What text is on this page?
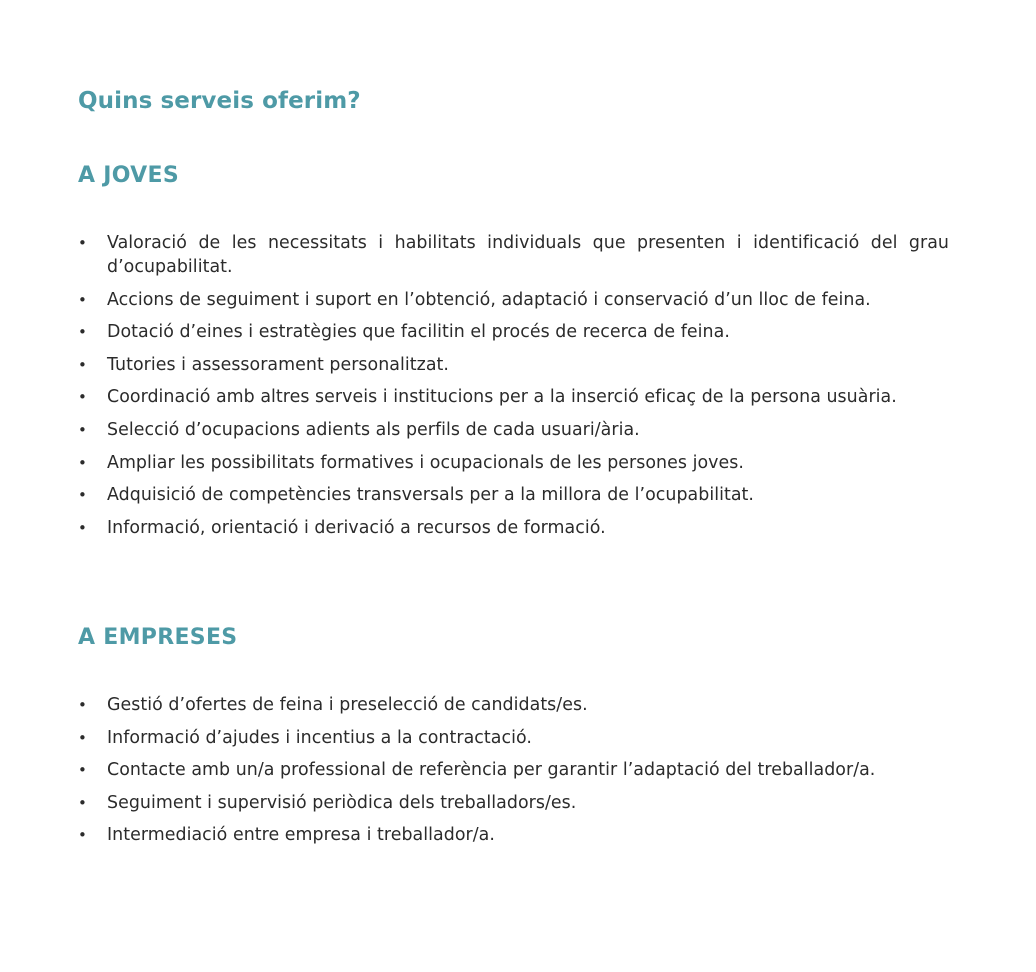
Quins serveis oferim?
A JOVES
• Valoració de les necessitats i habilitats individuals que presenten i identificació del grau d’ocupabilitat.
• Accions de seguiment i suport en l’obtenció, adaptació i conservació d’un lloc de feina.
• Dotació d’eines i estratègies que facilitin el procés de recerca de feina.
• Tutories i assessorament personalitzat.
• Coordinació amb altres serveis i institucions per a la inserció eficaç de la persona usuària.
• Selecció d’ocupacions adients als perfils de cada usuari/ària.
• Ampliar les possibilitats formatives i ocupacionals de les persones joves.
• Adquisició de competències transversals per a la millora de l’ocupabilitat.
• Informació, orientació i derivació a recursos de formació.
A EMPRESES
• Gestió d’ofertes de feina i preselecció de candidats/es.
• Informació d’ajudes i incentius a la contractació.
• Contacte amb un/a professional de referència per garantir l’adaptació del treballador/a.
• Seguiment i supervisió periòdica dels treballadors/es.
• Intermediació entre empresa i treballador/a.
